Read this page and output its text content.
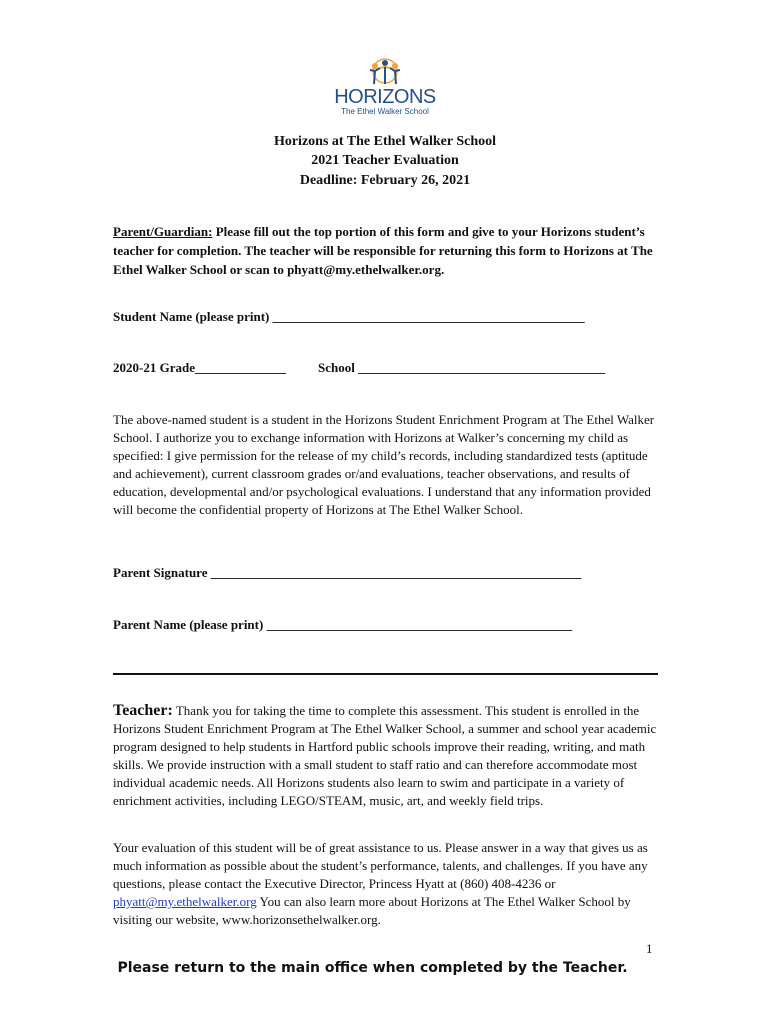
HORIZONS
The Ethel Walker School
Horizons at The Ethel Walker School
2021 Teacher Evaluation
Deadline: February 26, 2021
Parent/Guardian: Please fill out the top portion of this form and give to your Horizons student’s teacher for completion. The teacher will be responsible for returning this form to Horizons at The Ethel Walker School or scan to phyatt@my.ethelwalker.org.
Student Name (please print) ________________________________________________
2020-21 Grade______________ School ______________________________________
The above-named student is a student in the Horizons Student Enrichment Program at The Ethel Walker School. I authorize you to exchange information with Horizons at Walker’s concerning my child as specified: I give permission for the release of my child’s records, including standardized tests (aptitude and achievement), current classroom grades or/and evaluations, teacher observations, and results of education, developmental and/or psychological evaluations. I understand that any information provided will become the confidential property of Horizons at The Ethel Walker School.
Parent Signature _________________________________________________________
Parent Name (please print) _______________________________________________
Teacher: Thank you for taking the time to complete this assessment. This student is enrolled in the Horizons Student Enrichment Program at The Ethel Walker School, a summer and school year academic program designed to help students in Hartford public schools improve their reading, writing, and math skills. We provide instruction with a small student to staff ratio and can therefore accommodate most individual academic needs. All Horizons students also learn to swim and participate in a variety of enrichment activities, including LEGO/STEAM, music, art, and weekly field trips.
Your evaluation of this student will be of great assistance to us. Please answer in a way that gives us as much information as possible about the student’s performance, talents, and challenges. If you have any questions, please contact the Executive Director, Princess Hyatt at (860) 408-4236 or phyatt@my.ethelwalker.org You can also learn more about Horizons at The Ethel Walker School by visiting our website, www.horizonsethelwalker.org.
1
Please return to the main office when completed by the Teacher.
